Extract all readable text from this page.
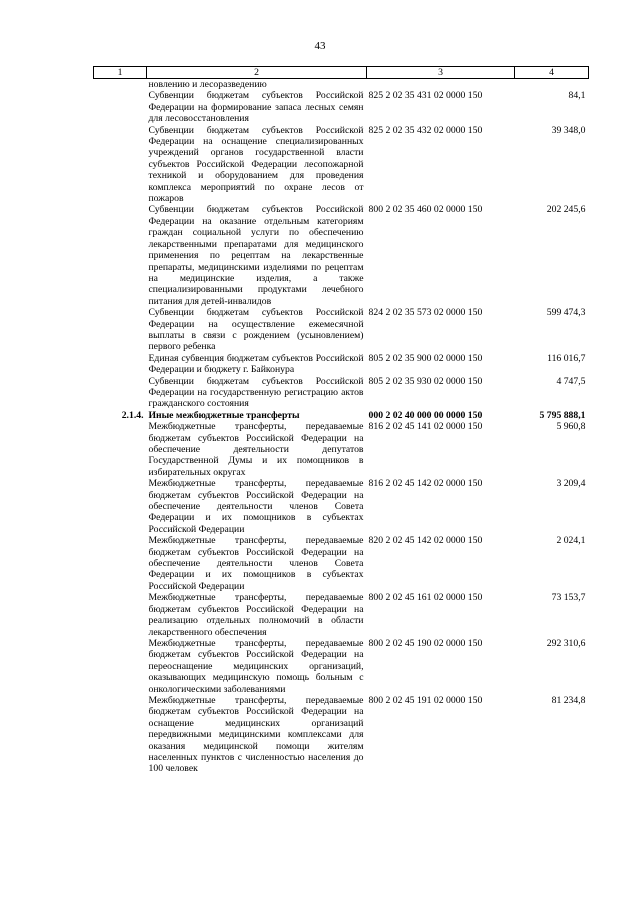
43
1	2	3	4
	новлению и лесоразведению		
	Субвенции бюджетам субъектов Российской Федерации на формирование запаса лесных семян для лесовосстановления	825 2 02 35 431 02 0000 150	84,1
	Субвенции бюджетам субъектов Российской Федерации на оснащение специализированных учреждений органов государственной власти субъектов Российской Федерации лесопожарной техникой и оборудованием для проведения комплекса мероприятий по охране лесов от пожаров	825 2 02 35 432 02 0000 150	39 348,0
	Субвенции бюджетам субъектов Российской Федерации на оказание отдельным категориям граждан социальной услуги по обеспечению лекарственными препаратами для медицинского применения по рецептам на лекарственные препараты, медицинскими изделиями по рецептам на медицинские изделия, а также специализированными продуктами лечебного питания для детей-инвалидов	800 2 02 35 460 02 0000 150	202 245,6
	Субвенции бюджетам субъектов Российской Федерации на осуществление ежемесячной выплаты в связи с рождением (усыновлением) первого ребенка	824 2 02 35 573 02 0000 150	599 474,3
	Единая субвенция бюджетам субъектов Российской Федерации и бюджету г. Байконура	805 2 02 35 900 02 0000 150	116 016,7
	Субвенции бюджетам субъектов Российской Федерации на государственную регистрацию актов гражданского состояния	805 2 02 35 930 02 0000 150	4 747,5
2.1.4.	Иные межбюджетные трансферты	000 2 02 40 000 00 0000 150	5 795 888,1
	Межбюджетные трансферты, передаваемые бюджетам субъектов Российской Федерации на обеспечение деятельности депутатов Государственной Думы и их помощников в избирательных округах	816 2 02 45 141 02 0000 150	5 960,8
	Межбюджетные трансферты, передаваемые бюджетам субъектов Российской Федерации на обеспечение деятельности членов Совета Федерации и их помощников в субъектах Российской Федерации	816 2 02 45 142 02 0000 150	3 209,4
	Межбюджетные трансферты, передаваемые бюджетам субъектов Российской Федерации на обеспечение деятельности членов Совета Федерации и их помощников в субъектах Российской Федерации	820 2 02 45 142 02 0000 150	2 024,1
	Межбюджетные трансферты, передаваемые бюджетам субъектов Российской Федерации на реализацию отдельных полномочий в области лекарственного обеспечения	800 2 02 45 161 02 0000 150	73 153,7
	Межбюджетные трансферты, передаваемые бюджетам субъектов Российской Федерации на переоснащение медицинских организаций, оказывающих медицинскую помощь больным с онкологическими заболеваниями	800 2 02 45 190 02 0000 150	292 310,6
	Межбюджетные трансферты, передаваемые бюджетам субъектов Российской Федерации на оснащение медицинских организаций передвижными медицинскими комплексами для оказания медицинской помощи жителям населенных пунктов с численностью населения до 100 человек	800 2 02 45 191 02 0000 150	81 234,8
